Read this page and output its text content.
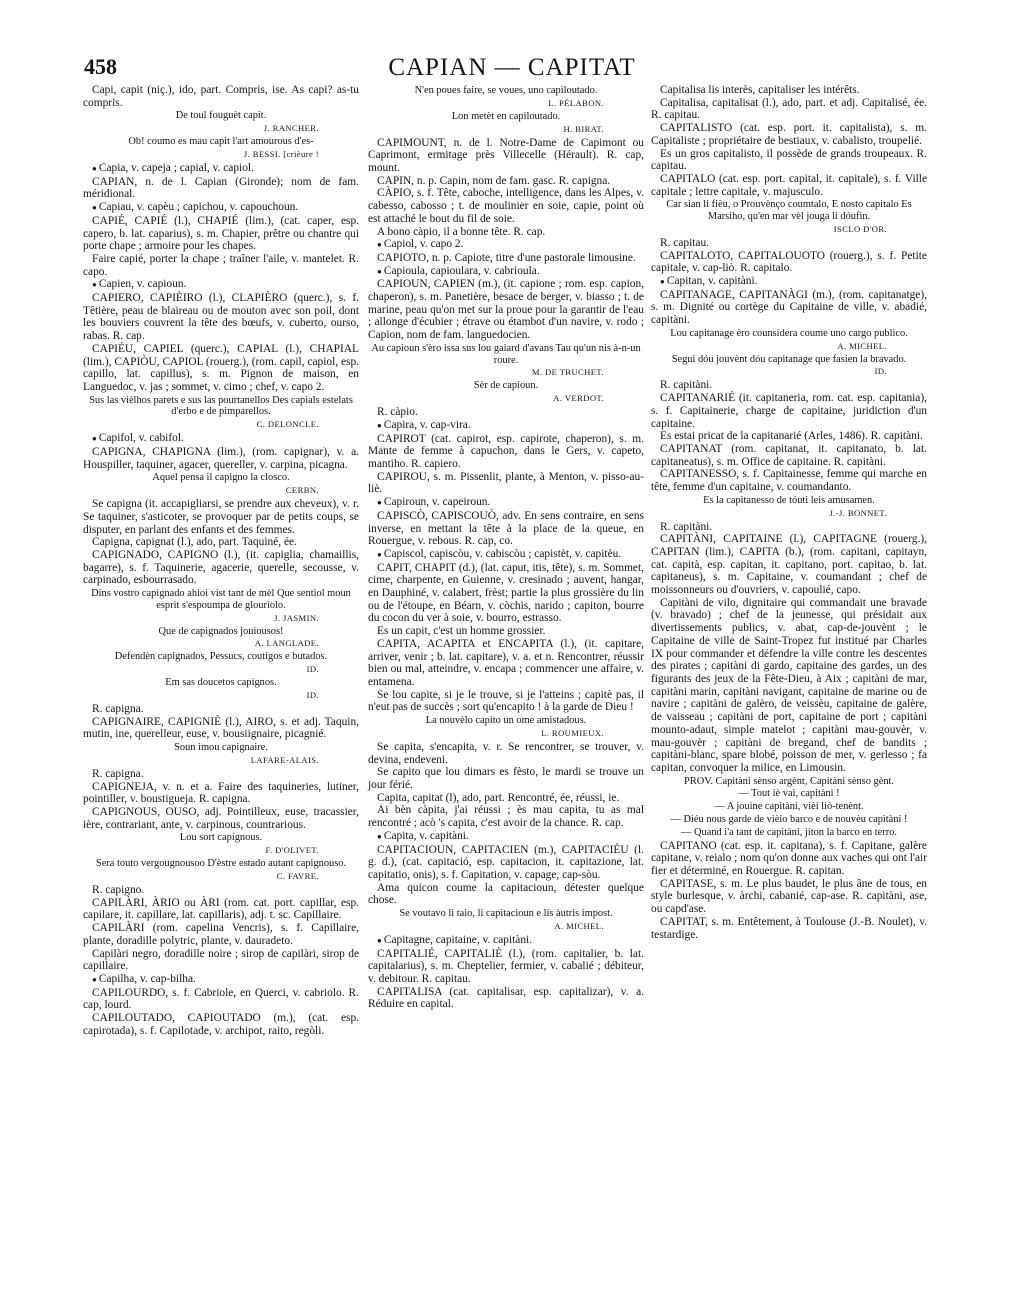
458	CAPIAN — CAPITAT
Capi, capit (niç.), ido, part. Compris, ise. As capi? as-tu compris.
De toul fouguèt capit.
J. RANCHER.
Ob! coumo es mau capit l'art amourous d'es-
J. BESSI. [crièure !
● Capia, v. capeja ; capial, v. capiol.
CAPIAN, n. de l. Capian (Gironde); nom de fam. méridional.
● Capiau, v. capèu ; capichou, v. capouchoun.
CAPIÉ, CAPIÉ (l.), CHAPIÉ (lim.), (cat. caper, esp. capero, b. lat. caparius), s. m. Chapier, prêtre ou chantre qui porte chape ; armoire pour les chapes.
Faire capié, porter la chape ; traîner l'aile, v. mantelet. R. capo.
● Capien, v. capioun.
CAPIERO, CAPIÈIRO (l.), CLAPIÈRO (querc.), s. f. Têtière, peau de blaireau ou de mouton avec son poil, dont les bouviers couvrent la tête des bœufs, v. cuberto, ourso, rabas. R. cap.
CAPIÉU, CAPIEL (querc.), CAPIAL (l.), CHAPIAL (lim.), CAPIÒU, CAPIOL (rouerg.), (rom. capil, capiol, esp. capillo, lat. capillus), s. m. Pignon de maison, en Languedoc, v. jas ; sommet, v. cimo ; chef, v. capo 2.
Sus las vièlhos parets e sus las pourtanellos Des capials estelats d'erbo e de pimparellos.
C. DELONCLE.
● Capifol, v. cabifol.
CAPIGNA, CHAPIGNA (lim.), (rom. capignar), v. a. Houspiller, taquiner, agacer, quereller, v. carpina, picagna.
Aquel pensa il capigno la closco.
CERBN.
Se capigna (it. accapigliarsi, se prendre aux cheveux), v. r. Se taquiner, s'asticoter, se provoquer par de petits coups, se disputer, en parlant des enfants et des femmes.
Capigna, capignat (l.), ado, part. Taquiné, ée.
CAPIGNADO, CAPIGNO (l.), (it. capiglia, chamaillis, bagarre), s. f. Taquinerie, agacerie, querelle, secousse, v. carpinado, esbourrasado.
Dins vostro capignado ahioi vist tant de mèl Que sentiol moun esprit s'espoumpa de glourìolo.
J. JASMIN.
Que de capignados jouiousos!
A. LANGLADE.
Defendèn capignados, Pessucs, coutigos e butados.
ID.
Em sas doucetos capignos.
ID.
R. capigna.
CAPIGNAIRE, CAPIGNIÈ (l.), AIRO, s. et adj. Taquin, mutin, ine, querelleur, euse, v. bousiignaire, picagnié.
Soun imou capignaire.
LAFARE-ALAIS.
R. capigna.
CAPIGNEJA, v. n. et a. Faire des taquineries, lutiner, pointiller, v. boustigueja. R. capigna.
CAPIGNOUS, OUSO, adj. Pointilleux, euse, tracassier, ière, contrariant, ante, v. carpinous, countrarious.
Lou sort capignous.
F. D'OLIVET.
Sera touto vergougnousoo D'èstre estado autant capignouso.
C. FAVRE.
R. capigno.
CAPILÀRI, ÀRIO ou ÀRI (rom. cat. port. capillar, esp. capilare, it. capillare, lat. capillaris), adj. t. sc. Capillaire.
CAPILÀRI (rom. capelina Vencris), s. f. Capillaire, plante, doradille polytric, plante, v. dauradeto.
Capilàri negro, doradille noire ; sirop de capilàri, sirop de capillaire.
● Capilha, v. cap-bilha.
CAPILOURDO, s. f. Cabriole, en Querci, v. cabriolo. R. cap, lourd.
CAPILOUTADO, CAPIOUTADO (m.), (cat. esp. capirotada), s. f. Capilotade, v. archipot, raito, regòli.
N'en poues faire, se voues, uno capiloutado.
L. PÉLABON.
Lon metèt en capiloutado.
H. BIRAT.
CAPIMOUNT, n. de l. Notre-Dame de Capimont ou Caprimont, ermitage près Villecelle (Hérault). R. cap, mount.
CAPIN, n. p. Capin, nom de fam. gasc. R. capigna.
CÀPIO, s. f. Tête, caboche, intelligence, dans les Alpes, v. cabesso, cabosso ; t. de moulinier en soie, capie, point où est attaché le bout du fil de soie.
A bono càpio, il a bonne tête. R. cap.
● Capiol, v. capo 2.
CAPIOTO, n. p. Capiote, titre d'une pastorale limousine.
● Capioula, capioulara, v. cabrioula.
CAPIOUN, CAPIEN (m.), (it. capione ; rom. esp. capion, chaperon), s. m. Panetière, besace de berger, v. biasso ; t. de marine, peau qu'on met sur la proue pour la garantir de l'eau ; allonge d'écubier ; étrave ou étambot d'un navire, v. rodo ; Capion, nom de fam. languedocien.
Au capioun s'èro issa sus lou gaiard d'avans Tau qu'un nis à-n-un roure.
M. DE TRUCHET.
Sèr de capioun.
A. VERDOT.
R. càpio.
● Capira, v. cap-vira.
CAPIROT (cat. capirot, esp. capirote, chaperon), s. m. Mante de femme à capuchon, dans le Gers, v. capeto, mantiho. R. capiero.
CAPIROU, s. m. Pissenlit, plante, à Menton, v. pisso-au-liè.
● Capiroun, v. capeiroun.
CAPISCÒ, CAPISCOUÒ, adv. En sens contraire, en sens inverse, en mettant la tête à la place de la queue, en Rouergue, v. rebous. R. cap, co.
● Capiscol, capiscòu, v. cabiscòu ; capistèt, v. capitèu.
CAPIT, CHAPIT (d.), (lat. caput, itis, tête), s. m. Sommet, cime, charpente, en Guienne, v. cresinado ; auvent, hangar, en Dauphiné, v. calabert, frèst; partie la plus grossière du lin ou de l'étoupe, en Béarn, v. còchis, narido ; capiton, bourre du cocon du ver à soie, v. bourro, estrasso.
Es un capit, c'est un homme grossier.
CAPITA, ACAPITA et ENCAPITA (l.), (it. capitare, arriver, venir ; b. lat. capitare), v. a. et n. Rencontrer, réussir bien ou mal, atteindre, v. encapa ; commencer une affaire, v. entamena.
Se lou capite, si je le trouve, si je l'atteins ; capitè pas, il n'eut pas de succès ; sort qu'encapito ! à la garde de Dieu !
La nouvèlo capito un ome amistadous.
L. ROUMIEUX.
Se capita, s'encapita, v. r. Se rencontrer, se trouver, v. devina, endeveni.
Se capito que lou dimars es fèsto, le mardi se trouve un jour férié.
Capita, capitat (l), ado, part. Rencontré, ée, réussi, ie.
Ai bèn càpita, j'ai réussi ; ès mau capita, tu as mal rencontré ; acò 's capita, c'est avoir de la chance. R. cap.
● Capita, v. capitàni.
CAPITACIOUN, CAPITACIEN (m.), CAPITACIÉU (l. g. d.), (cat. capitació, esp. capitacion, it. capitazione, lat. capitatio, onis), s. f. Capitation, v. capage, cap-sòu.
Ama quicon coume la capitacioun, détester quelque chose.
Se voutavo li taio, li capitacioun e lis àutris impost.
A. MICHEL.
● Capitagne, capitaine, v. capitàni.
CAPITALIÉ, CAPITALIÈ (l.), (rom. capitalier, b. lat. capitalarius), s. m. Cheptelier, fermier, v. cabalié ; débiteur, v. debitour. R. capitau.
CAPITALISA (cat. capitalisar, esp. capitalizar), v. a. Réduire en capital.
Capitalisa lis interès, capitaliser les intérêts.
Capitalisa, capitalisat (l.), ado, part. et adj. Capitalisé, ée. R. capitau.
CAPITALISTO (cat. esp. port. it. capitalista), s. m. Capitaliste ; propriétaire de bestiaux, v. cabalisto, troupelié.
Es un gros capitalisto, il possède de grands troupeaux. R. capitau.
CAPITALO (cat. esp. port. capital, it. capitale), s. f. Ville capitale ; lettre capitale, v. majusculo.
Car sian li fièu, o Prouvènço coumtalo, E nosto capitalo Es Marsiho, qu'en mar vèl jouga li dóufin.
ISCLO D'OR.
R. capitau.
CAPITALOTO, CAPITALOUOTO (rouerg.), s. f. Petite capitale, v. cap-liò. R. capitalo.
● Capitan, v. capitàni.
CAPITANAGE, CAPITANÀGI (m.), (rom. capitanatge), s. m. Dignité ou cortège du Capitaine de ville, v. abadié, capitàni.
Lou capitanage èro counsidera coume uno cargo publico.
A. MICHEL.
Segui dóu jouvènt dóu capitanage que fasien la bravado.
ID.
R. capitàni.
CAPITANARIÉ (it. capitaneria, rom. cat. esp. capitania), s. f. Capitainerie, charge de capitaine, juridiction d'un capitaine.
Es estai pricat de la capitanarié (Arles, 1486). R. capitàni.
CAPITANAT (rom. capitanat, it. capitanato, b. lat. capitaneatus), s. m. Office de capitaine. R. capitàni.
CAPITANESSO, s. f. Capitainesse, femme qui marche en tête, femme d'un capitaine, v. coumandanto.
Es la capitanesso de tóuti leis amusamen.
J.-J. BONNET.
R. capitàni.
CAPITÀNI, CAPITAINE (l.), CAPITAGNE (rouerg.), CAPITAN (lim.), CAPITA (b.), (rom. capitani, capitayn, cat. capità, esp. capitan, it. capitano, port. capitao, b. lat. capitaneus), s. m. Capitaine, v. coumandant ; chef de moissonneurs ou d'ouvriers, v. capoulié, capo.
Capitàni de vilo, dignitaire qui commandait une bravade (v. bravado) ; chef de la jeunesse, qui présidait aux divertissements publics, v. abat, cap-de-jouvènt ; le Capitaine de ville de Saint-Tropez fut institué par Charles IX pour commander et défendre la ville contre les descentes des pirates ; capitàni di gardo, capitaine des gardes, un des figurants des jeux de la Fête-Dieu, à Aix ; capitàni de mar, capitàni marin, capitàni navigant, capitaine de marine ou de navire ; capitàni de galèro, de veissèu, capitaine de galère, de vaisseau ; capitàni de port, capitaine de port ; capitàni mounto-adaut, simple matelot ; capitàni mau-gouvèr, v. mau-gouvèr ; capitàni de bregand, chef de bandits ; capitàni-blanc, spare blobé, poisson de mer, v. gerlesso ; fa capitan, convoquer la milice, en Limousin.
PROV. Capitàni sènso argènt, Capitàni sènso gènt.
— Tout iè vai, capitàni !
— A jouine capitàni, vièi liò-tenènt.
— Diéu nous garde de vièio barco e de nouvèu capitàni !
— Quand i'a tant de capitàni, jiton la barco en terro.
CAPITANO (cat. esp. it. capitana), s. f. Capitane, galère capitane, v. reialo ; nom qu'on donne aux vaches qui ont l'air fier et déterminé, en Rouergue. R. capitan.
CAPITASE, s. m. Le plus baudet, le plus âne de tous, en style burlesque, v. àrchi, cabanié, cap-ase. R. capitàni, ase, ou capd'ase.
CAPITAT, s. m. Entêtement, à Toulouse (J.-B. Noulet), v. testardige.
